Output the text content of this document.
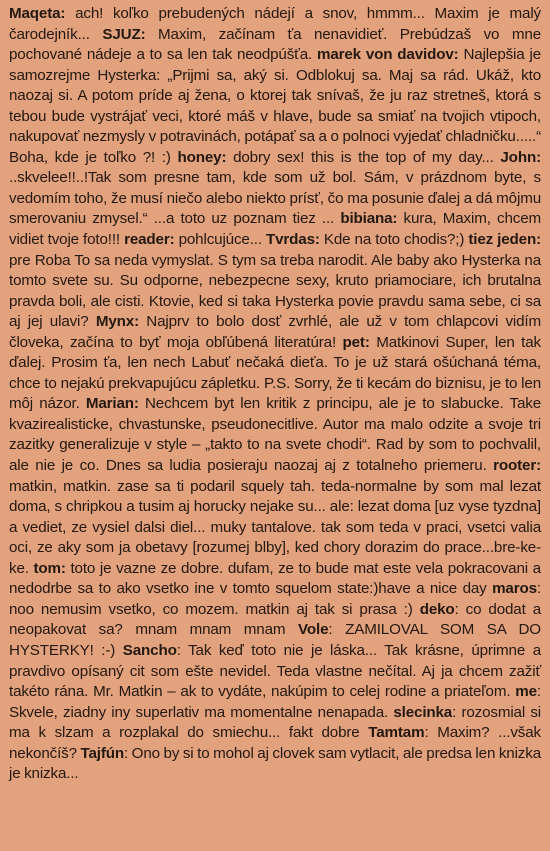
Maqeta: ach! koľko prebudených nádejí a snov, hmmm... Maxim je malý čarodejník... SJUZ: Maxim, začínam ťa nenavidieť. Prebúdzaš vo mne pochované nádeje a to sa len tak neodpúšťa. marek von davidov: Najlepšia je samozrejme Hysterka: „Prijmi sa, aký si. Odblokuj sa. Maj sa rád. Ukáž, kto naozaj si. A potom príde aj žena, o ktorej tak snívaš, že ju raz stretneš, ktorá s tebou bude vystrájať veci, ktoré máš v hlave, bude sa smiať na tvojich vtipoch, nakupovať nezmysly v potravinách, potápať sa a o polnoci vyjedať chladničku.....“ Boha, kde je toľko ?! :) honey: dobry sex! this is the top of my day... John: ..skvelee!!..!Tak som presne tam, kde som už bol. Sám, v prázdnom byte, s vedomím toho, že musí niečo alebo niekto prísť, čo ma posunie ďalej a dá môjmu smerovaniu zmysel.“ ...a toto uz poznam tiez ... bibiana: kura, Maxim, chcem vidiet tvoje foto!!! reader: pohlcujúce... Tvrdas: Kde na toto chodis?;) tiez jeden: pre Roba To sa neda vymyslat. S tym sa treba narodit. Ale baby ako Hysterka na tomto svete su. Su odporne, nebezpecne sexy, kruto priamociare, ich brutalna pravda boli, ale cisti. Ktovie, ked si taka Hysterka povie pravdu sama sebe, ci sa aj jej ulavi? Mynx: Najprv to bolo dosť zvrhlé, ale už v tom chlapcovi vidím človeka, začína to byť moja obľúbená literatúra! pet: Matkinovi Super, len tak ďalej. Prosim ťa, len nech Labuť nečaká dieťa. To je už stará ošúchaná téma, chce to nejakú prekvapujúcu zápletku. P.S. Sorry, že ti kecám do biznisu, je to len môj názor. Marian: Nechcem byt len kritik z principu, ale je to slabucke. Take kvazirealisticke, chvastunske, pseudonecitlive. Autor ma malo odzite a svoje tri zazitky generalizuje v style – „takto to na svete chodi“. Rad by som to pochvalil, ale nie je co. Dnes sa ludia posieraju naozaj aj z totalneho priemeru. rooter: matkin, matkin. zase sa ti podaril squely tah. teda-normalne by som mal lezat doma, s chripkou a tusim aj horucky nejake su... ale: lezat doma [uz vyse tyzdna] a vediet, ze vysiel dalsi diel... muky tantalove. tak som teda v praci, vsetci valia oci, ze aky som ja obetavy [rozumej blby], ked chory dorazim do prace...bre-ke-ke. tom: toto je vazne ze dobre. dufam, ze to bude mat este vela pokracovani a nedodrbe sa to ako vsetko ine v tomto squelom state:)have a nice day maros: noo nemusim vsetko, co mozem. matkin aj tak si prasa :) deko: co dodat a neopakovat sa? mnam mnam mnam Vole: ZAMILOVAL SOM SA DO HYSTERKY! :-) Sancho: Tak keď toto nie je láska... Tak krásne, úprimne a pravdivo opísaný cit som ešte nevidel. Teda vlastne nečítal. Aj ja chcem zažiť takéto rána. Mr. Matkin – ak to vydáte, nakúpim to celej rodine a priateľom. me: Skvele, ziadny iny superlativ ma momentalne nenapada. slecinka: rozosmial si ma k slzam a rozplakal do smiechu... fakt dobre Tamtam: Maxim? ...však nekončíš? Tajfún: Ono by si to mohol aj clovek sam vytlacit, ale predsa len knizka je knizka...
